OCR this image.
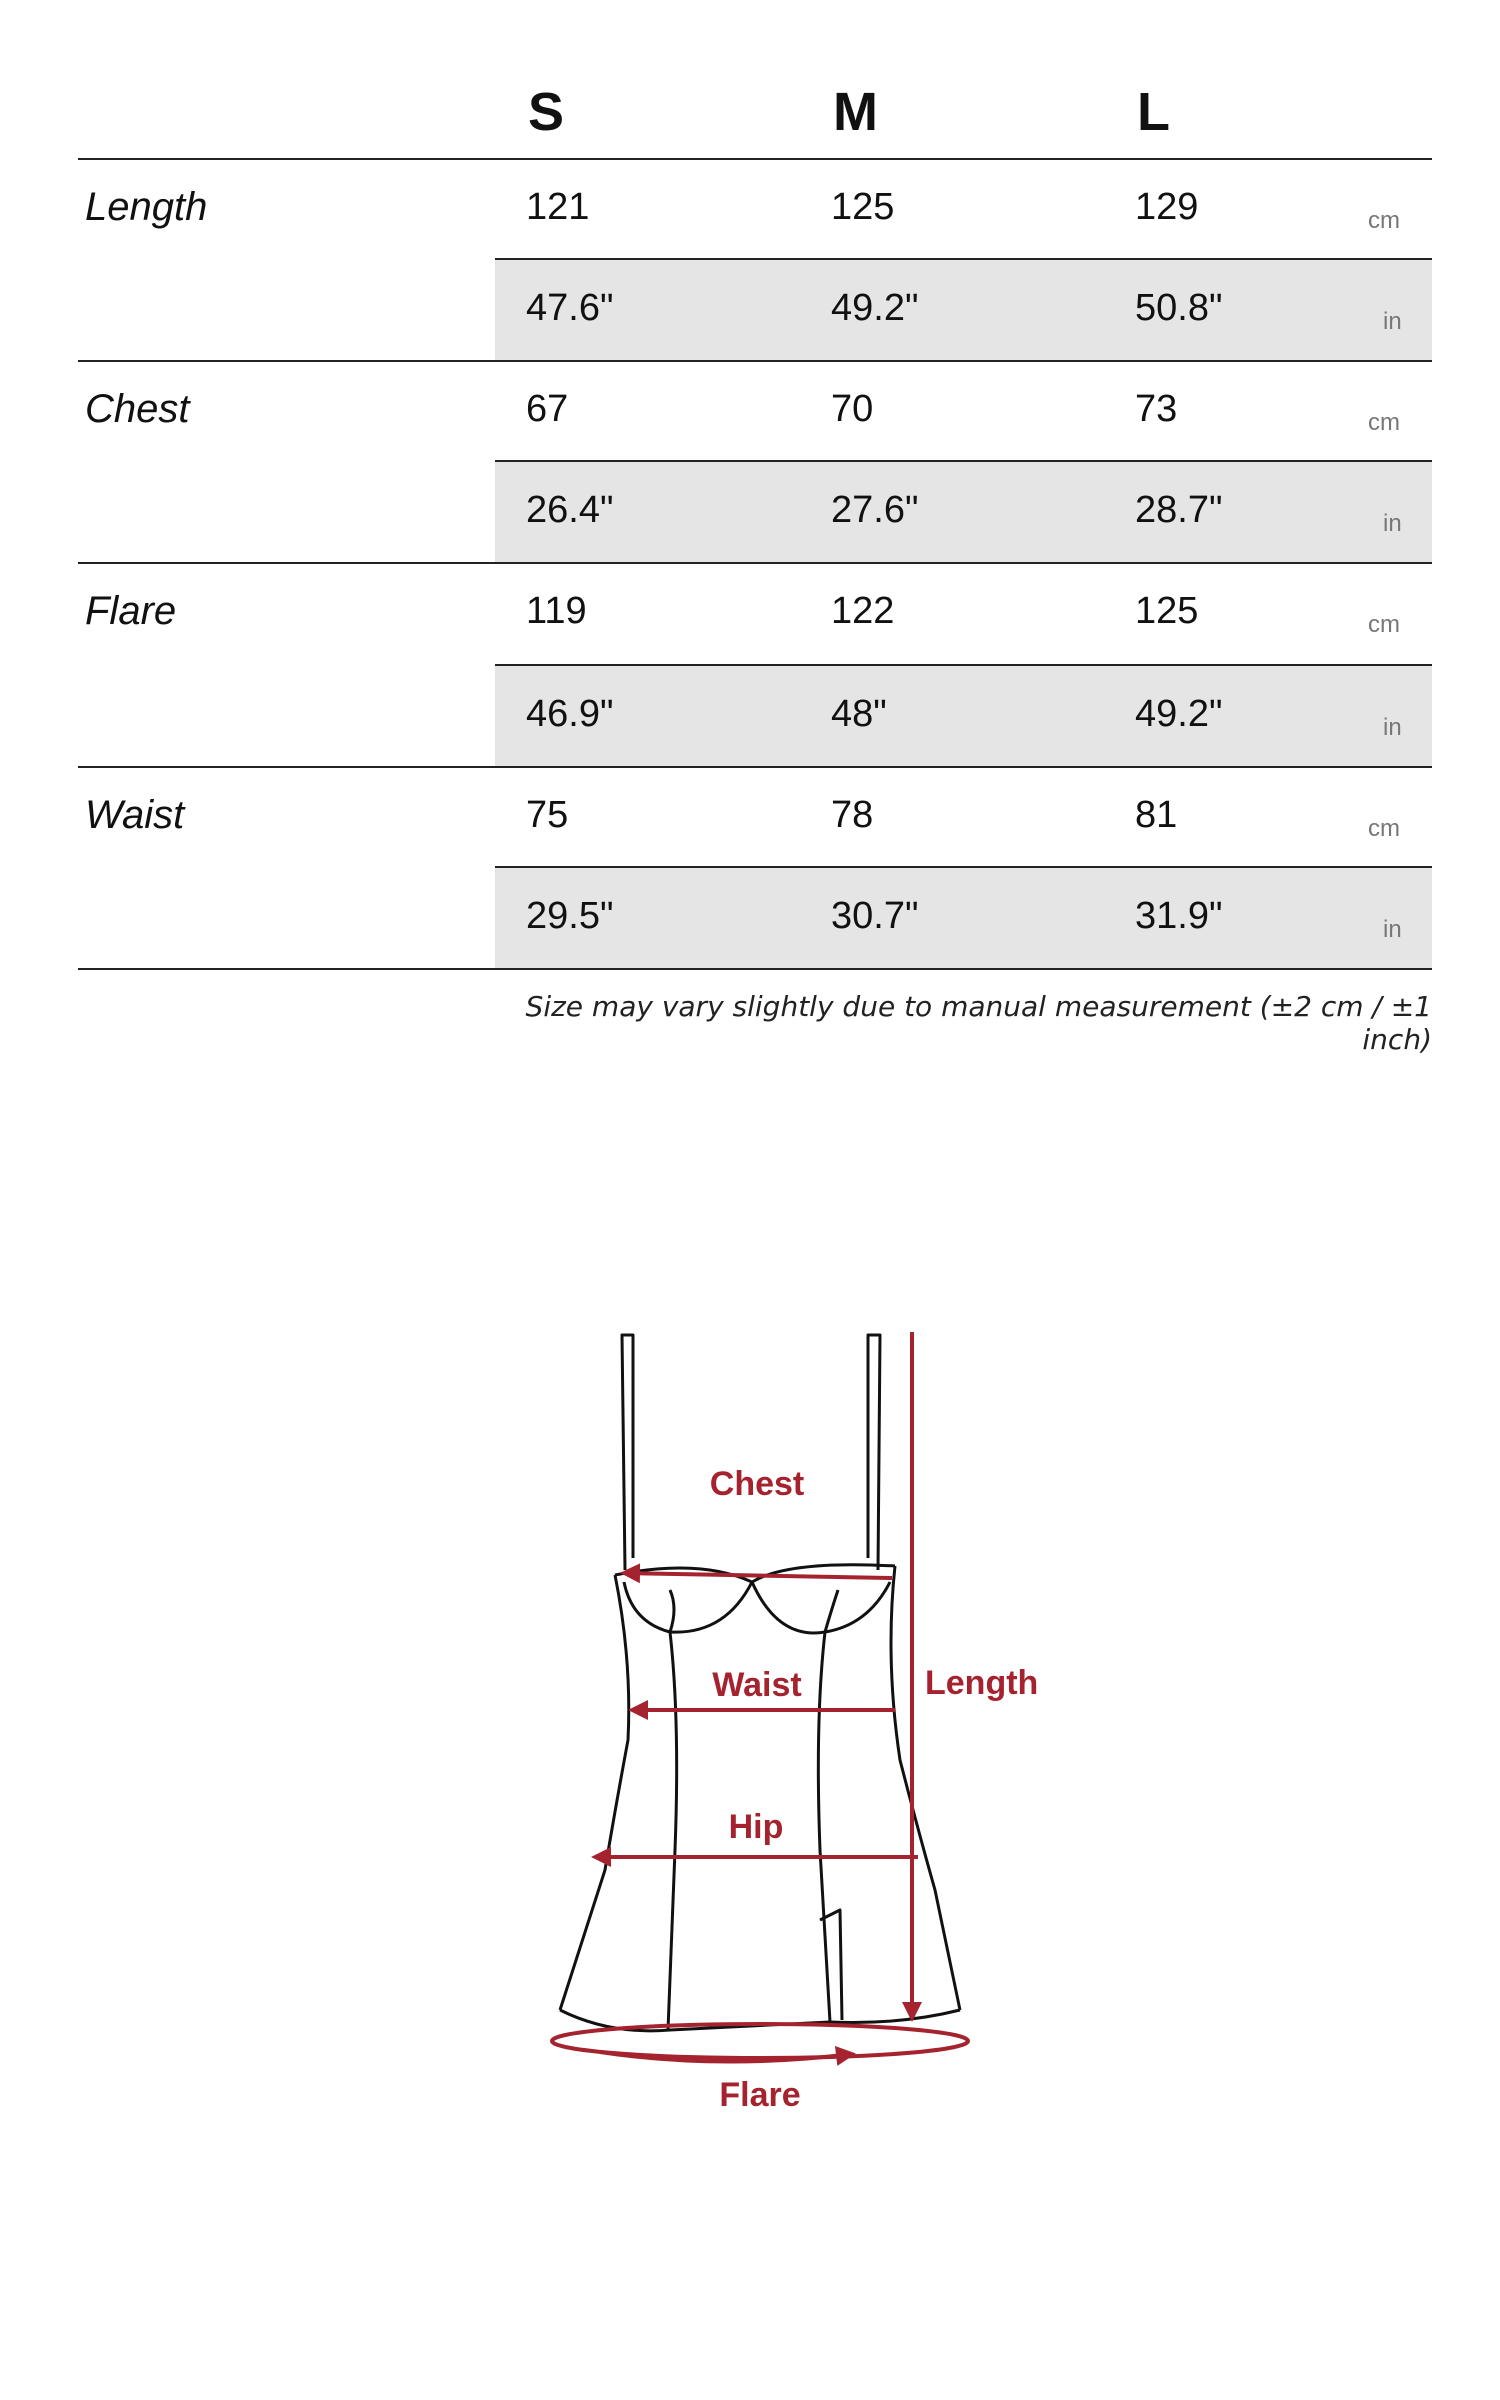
S	M	L
Length	121	125	129	cm
47.6"	49.2"	50.8"	in
Chest	67	70	73	cm
26.4"	27.6"	28.7"	in
Flare	119	122	125	cm
46.9"	48"	49.2"	in
Waist	75	78	81	cm
29.5"	30.7"	31.9"	in
Size may vary slightly due to manual measurement (±2 cm / ±1 inch)
Chest
Waist	Length
Hip
Flare
